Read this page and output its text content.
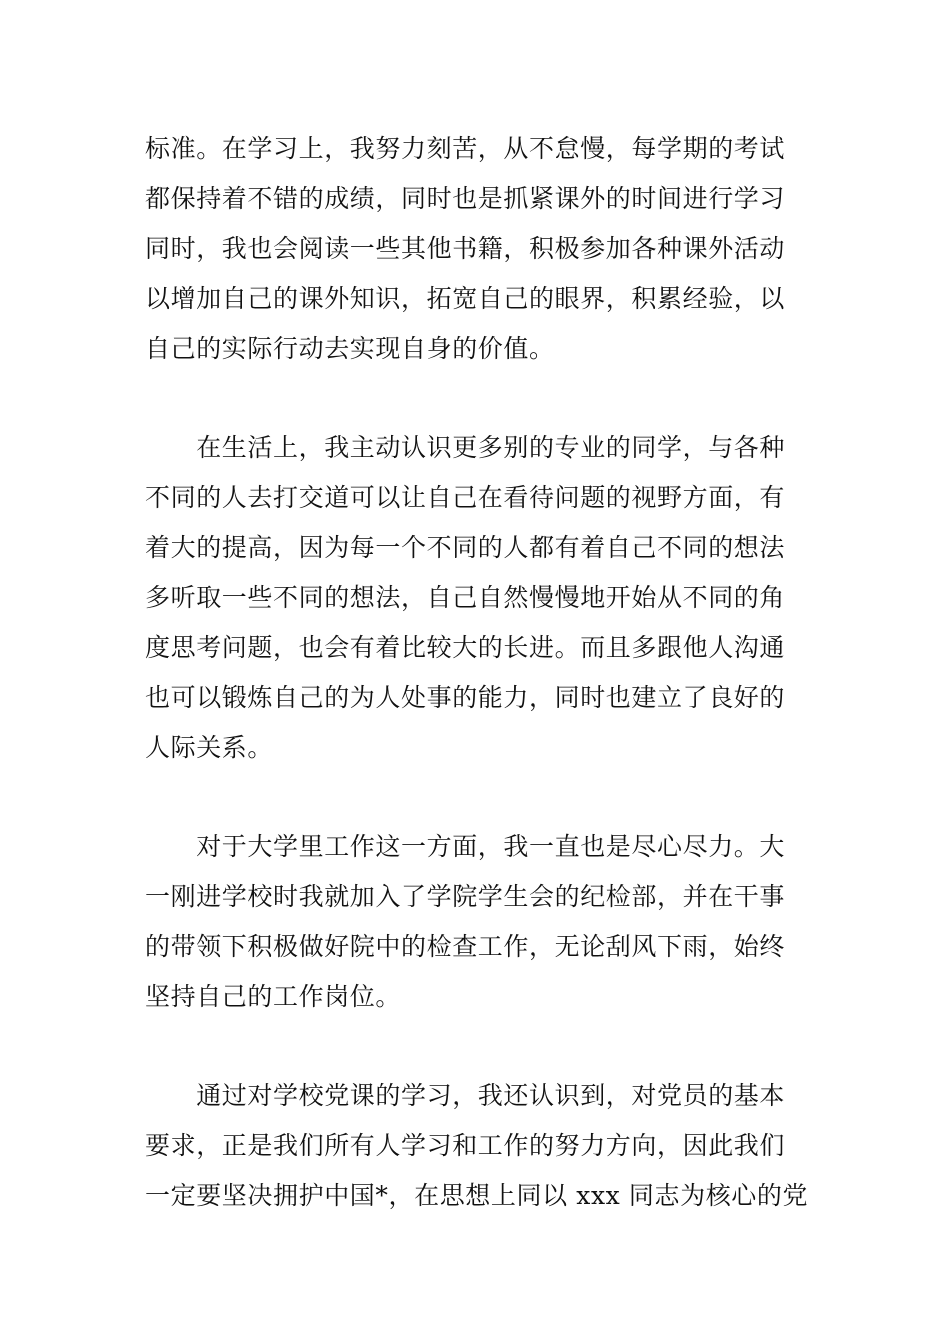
标准。在学习上，我努力刻苦，从不怠慢，每学期的考试
都保持着不错的成绩，同时也是抓紧课外的时间进行学习
同时，我也会阅读一些其他书籍，积极参加各种课外活动
以增加自己的课外知识，拓宽自己的眼界，积累经验，以
自己的实际行动去实现自身的价值。
　　在生活上，我主动认识更多别的专业的同学，与各种
不同的人去打交道可以让自己在看待问题的视野方面，有
着大的提高，因为每一个不同的人都有着自己不同的想法
多听取一些不同的想法，自己自然慢慢地开始从不同的角
度思考问题，也会有着比较大的长进。而且多跟他人沟通
也可以锻炼自己的为人处事的能力，同时也建立了良好的
人际关系。
　　对于大学里工作这一方面，我一直也是尽心尽力。大
一刚进学校时我就加入了学院学生会的纪检部，并在干事
的带领下积极做好院中的检查工作，无论刮风下雨，始终
坚持自己的工作岗位。
　　通过对学校党课的学习，我还认识到，对党员的基本
要求，正是我们所有人学习和工作的努力方向，因此我们
一定要坚决拥护中国*，在思想上同以 xxx 同志为核心的党
